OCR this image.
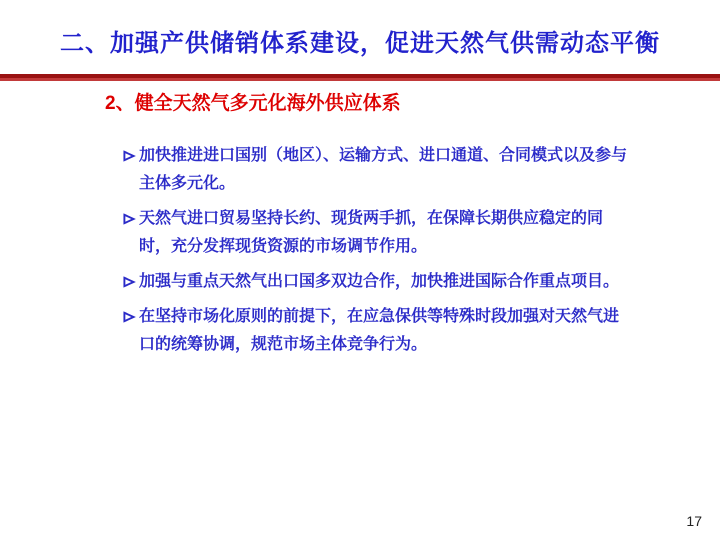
二、加强产供储销体系建设，促进天然气供需动态平衡
2、健全天然气多元化海外供应体系
加快推进进口国别（地区）、运输方式、进口通道、合同模式以及参与主体多元化。
天然气进口贸易坚持长约、现货两手抓，在保障长期供应稳定的同时，充分发挥现货资源的市场调节作用。
加强与重点天然气出口国多双边合作，加快推进国际合作重点项目。
在坚持市场化原则的前提下，在应急保供等特殊时段加强对天然气进口的统筹协调，规范市场主体竞争行为。
17
